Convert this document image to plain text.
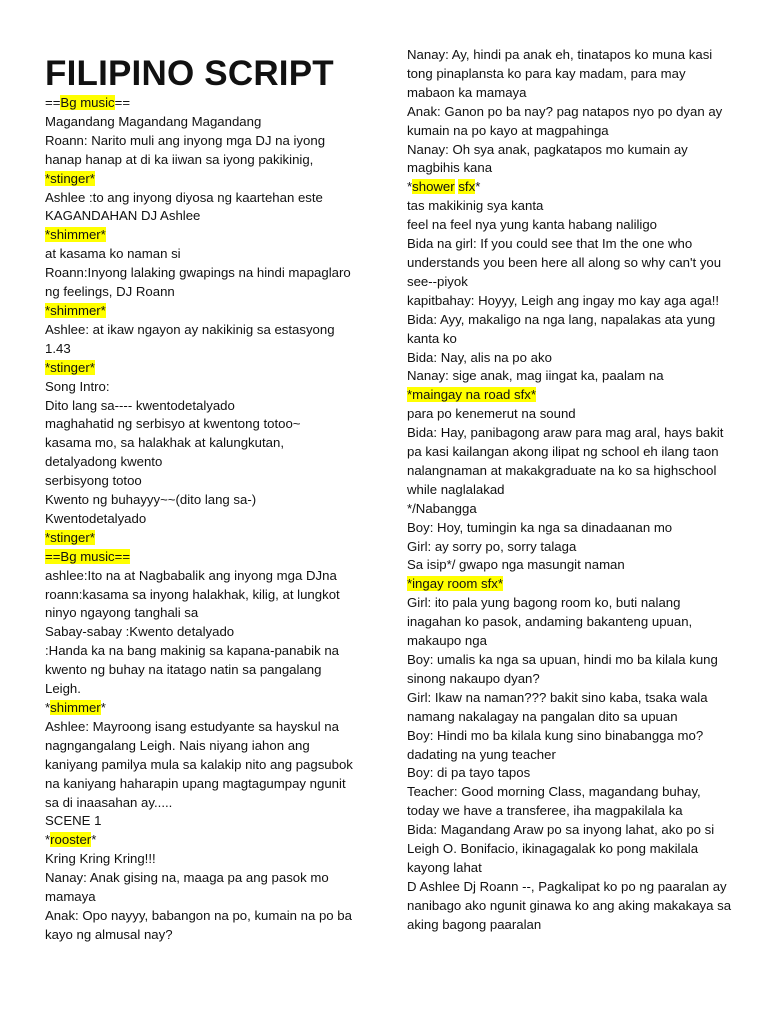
FILIPINO SCRIPT
==Bg music==
Magandang Magandang Magandang
Roann: Narito muli ang inyong mga DJ na iyong hanap hanap at di ka iiwan sa iyong pakikinig,
*stinger*
Ashlee :to ang inyong diyosa ng kaartehan este KAGANDAHAN DJ Ashlee
*shimmer*
at kasama ko naman si
Roann:Inyong lalaking gwapings na hindi mapaglaro ng feelings, DJ Roann
*shimmer*
Ashlee: at ikaw ngayon ay nakikinig sa estasyong 1.43
*stinger*
Song Intro:
Dito lang sa---- kwentodetalyado
maghahatid ng serbisyo at kwentong totoo~
kasama mo, sa halakhak at kalungkutan,
detalyadong kwento
serbisyong totoo
Kwento ng buhayyy~~(dito lang sa-)
Kwentodetalyado
*stinger*
==Bg music==
ashlee:Ito na at Nagbabalik ang inyong mga DJna
roann:kasama sa inyong halakhak, kilig, at lungkot ninyo ngayong tanghali sa
Sabay-sabay :Kwento detalyado
:Handa ka na bang makinig sa kapana-panabik na kwento ng buhay na itatago natin sa pangalang Leigh.
*shimmer*
Ashlee: Mayroong isang estudyante sa hayskul na nagngangalang Leigh. Nais niyang iahon ang kaniyang pamilya mula sa kalakip nito ang pagsubok na kaniyang haharapin upang magtagumpay ngunit sa di inaasahan ay.....
SCENE 1
*rooster*
Kring Kring Kring!!!
Nanay: Anak gising na, maaga pa ang pasok mo mamaya
Anak: Opo nayyy, babangon na po, kumain na po ba kayo ng almusal nay?
Nanay: Ay, hindi pa anak eh, tinatapos ko muna kasi tong pinaplansta ko para kay madam, para may mabaon ka mamaya
Anak: Ganon po ba nay? pag natapos nyo po dyan ay kumain na po kayo at magpahinga
Nanay: Oh sya anak, pagkatapos mo kumain ay magbihis kana
*shower sfx*
tas makikinig sya kanta
feel na feel nya yung kanta habang naliligo
Bida na girl: If you could see that Im the one who understands you been here all along so why can't you see--piyok
kapitbahay: Hoyyy, Leigh ang ingay mo kay aga aga!!
Bida: Ayy, makaligo na nga lang, napalakas ata yung kanta ko
Bida: Nay, alis na po ako
Nanay: sige anak, mag iingat ka, paalam na
*maingay na road sfx*
para po kenemerut na sound
Bida: Hay, panibagong araw para mag aral, hays bakit pa kasi kailangan akong ilipat ng school eh ilang taon nalangnaman at makakgraduate na ko sa highschool
while naglalakad
*/Nabangga
Boy: Hoy, tumingin ka nga sa dinadaanan mo
Girl: ay sorry po, sorry talaga
Sa isip*/ gwapo nga masungit naman
*ingay room sfx*
Girl: ito pala yung bagong room ko, buti nalang inagahan ko pasok, andaming bakanteng upuan, makaupo nga
Boy: umalis ka nga sa upuan, hindi mo ba kilala kung sinong nakaupo dyan?
Girl: Ikaw na naman??? bakit sino kaba, tsaka wala namang nakalagay na pangalan dito sa upuan
Boy: Hindi mo ba kilala kung sino binabangga mo? dadating na yung teacher
Boy: di pa tayo tapos
Teacher: Good morning Class, magandang buhay, today we have a transferee, iha magpakilala ka
Bida: Magandang Araw po sa inyong lahat, ako po si Leigh O. Bonifacio, ikinagagalak ko pong makilala kayong lahat
D Ashlee Dj Roann --, Pagkalipat ko po ng paaralan ay nanibago ako ngunit ginawa ko ang aking makakaya sa aking bagong paaralan
